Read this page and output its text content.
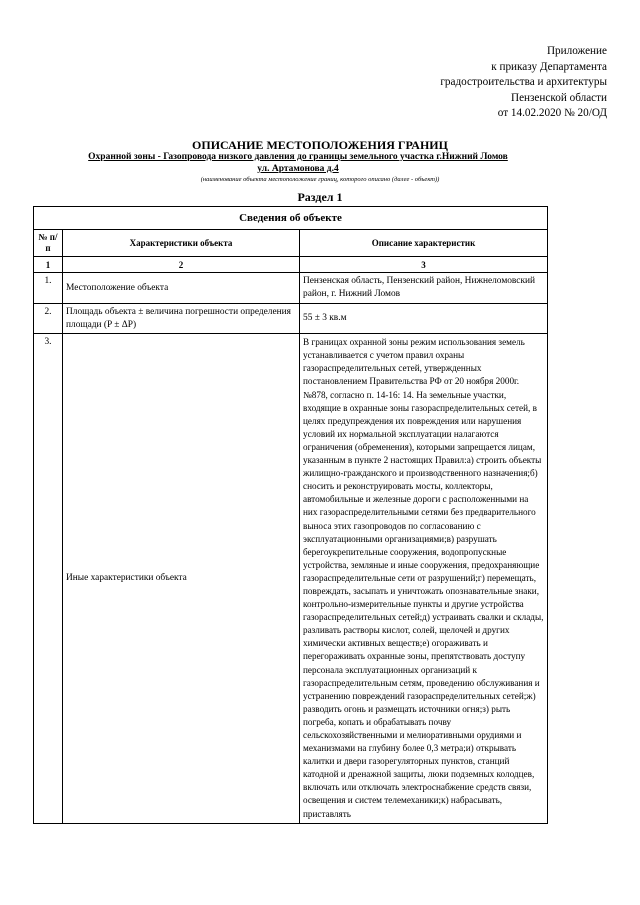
Приложение
к приказу Департамента
градостроительства и архитектуры
Пензенской области
от 14.02.2020 № 20/ОД
ОПИСАНИЕ МЕСТОПОЛОЖЕНИЯ ГРАНИЦ
Охранной зоны - Газопровода низкого давления до границы земельного участка г.Нижний Ломов
ул. Артамонова д.4
(наименование объекта местоположение границ, которого описано (далее - объект))
Раздел 1
Сведения об объекте		
№ п/п	Характеристики объекта	Описание характеристик
1	2	3
1.	Местоположение объекта	Пензенская область, Пензенский район, Нижнеломовский район, г. Нижний Ломов
2.	Площадь объекта ± величина погрешности определения площади (P ± ΔP)	55 ± 3 кв.м
3.	Иные характеристики объекта	В границах охранной зоны режим использования земель устанавливается с учетом правил охраны газораспределительных сетей, утвержденных постановлением Правительства РФ от 20 ноября 2000г. №878, согласно п. 14-16: 14. На земельные участки, входящие в охранные зоны газораспределительных сетей, в целях предупреждения их повреждения или нарушения условий их нормальной эксплуатации налагаются ограничения (обременения), которыми запрещается лицам, указанным в пункте 2 настоящих Правил:а) строить объекты жилищно-гражданского и производственного назначения;б) сносить и реконструировать мосты, коллекторы, автомобильные и железные дороги с расположенными на них газораспределительными сетями без предварительного выноса этих газопроводов по согласованию с эксплуатационными организациями;в) разрушать берегоукрепительные сооружения, водопропускные устройства, земляные и иные сооружения, предохраняющие газораспределительные сети от разрушений;г) перемещать, повреждать, засыпать и уничтожать опознавательные знаки, контрольно-измерительные пункты и другие устройства газораспределительных сетей;д) устраивать свалки и склады, разливать растворы кислот, солей, щелочей и других химически активных веществ;е) огораживать и перегораживать охранные зоны, препятствовать доступу персонала эксплуатационных организаций к газораспределительным сетям, проведению обслуживания и устранению повреждений газораспределительных сетей;ж) разводить огонь и размещать источники огня;з) рыть погреба, копать и обрабатывать почву сельскохозяйственными и мелиоративными орудиями и механизмами на глубину более 0,3 метра;и) открывать калитки и двери газорегуляторных пунктов, станций катодной и дренажной защиты, люки подземных колодцев, включать или отключать электроснабжение средств связи, освещения и систем телемеханики;к) набрасывать, приставлять
